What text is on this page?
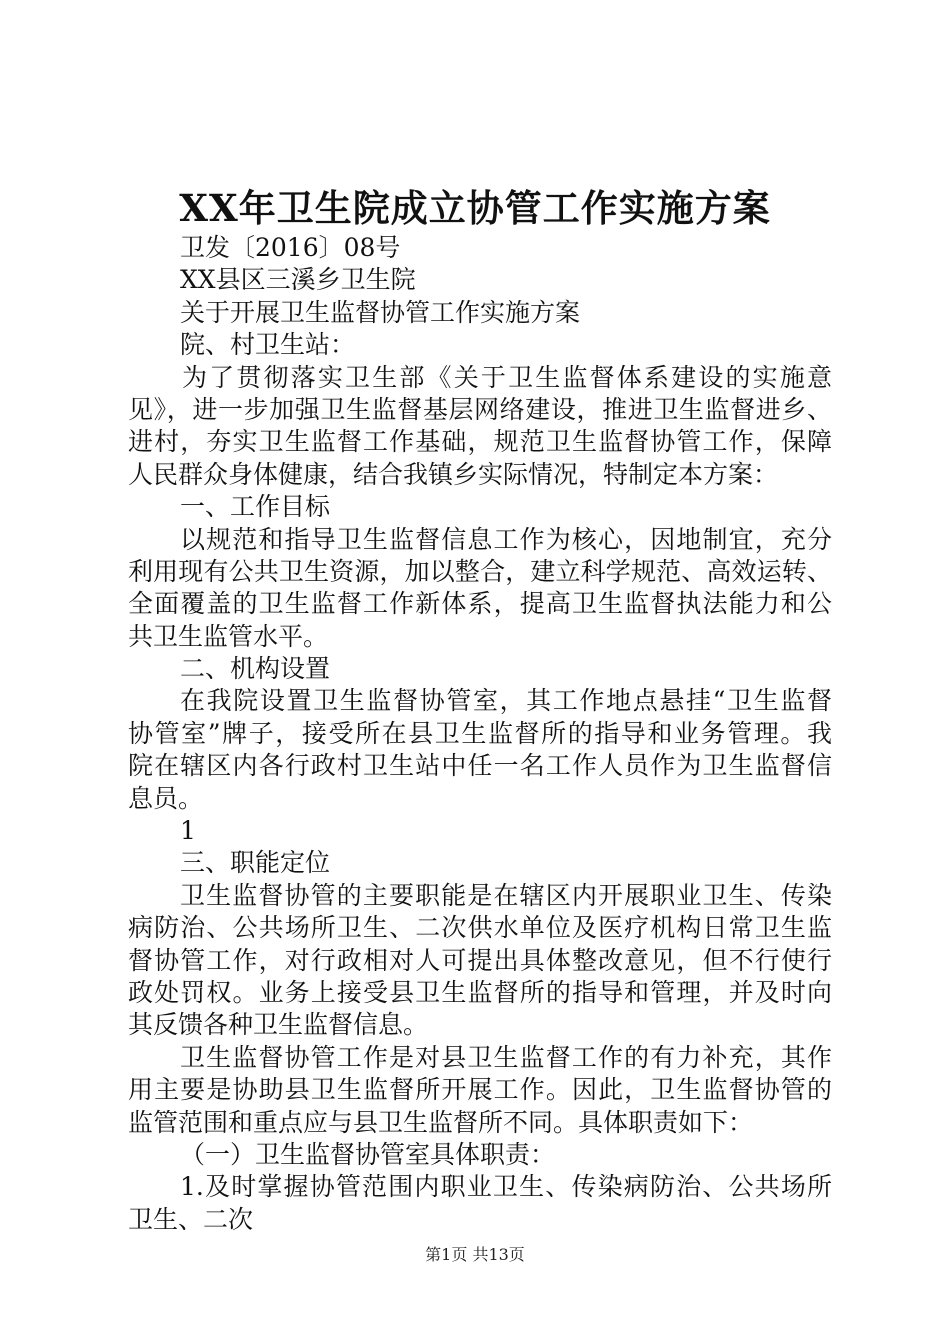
XX年卫生院成立协管工作实施方案

卫发〔2016〕08号

XX县区三溪乡卫生院

关于开展卫生监督协管工作实施方案

院、村卫生站：

为了贯彻落实卫生部《关于卫生监督体系建设的实施意

见》，进一步加强卫生监督基层网络建设，推进卫生监督进乡、

进村，夯实卫生监督工作基础，规范卫生监督协管工作，保障

人民群众身体健康，结合我镇乡实际情况，特制定本方案：

一、工作目标

以规范和指导卫生监督信息工作为核心，因地制宜，充分

利用现有公共卫生资源，加以整合，建立科学规范、高效运转、

全面覆盖的卫生监督工作新体系，提高卫生监督执法能力和公

共卫生监管水平。

二、机构设置

在我院设置卫生监督协管室，其工作地点悬挂“卫生监督

协管室”牌子，接受所在县卫生监督所的指导和业务管理。我

院在辖区内各行政村卫生站中任一名工作人员作为卫生监督信

息员。

1

三、职能定位

卫生监督协管的主要职能是在辖区内开展职业卫生、传染

病防治、公共场所卫生、二次供水单位及医疗机构日常卫生监

督协管工作，对行政相对人可提出具体整改意见，但不行使行

政处罚权。业务上接受县卫生监督所的指导和管理，并及时向

其反馈各种卫生监督信息。

卫生监督协管工作是对县卫生监督工作的有力补充，其作

用主要是协助县卫生监督所开展工作。因此，卫生监督协管的

监管范围和重点应与县卫生监督所不同。具体职责如下：

（一）卫生监督协管室具体职责：

1.及时掌握协管范围内职业卫生、传染病防治、公共场所

卫生、二次

第1页 共13页
